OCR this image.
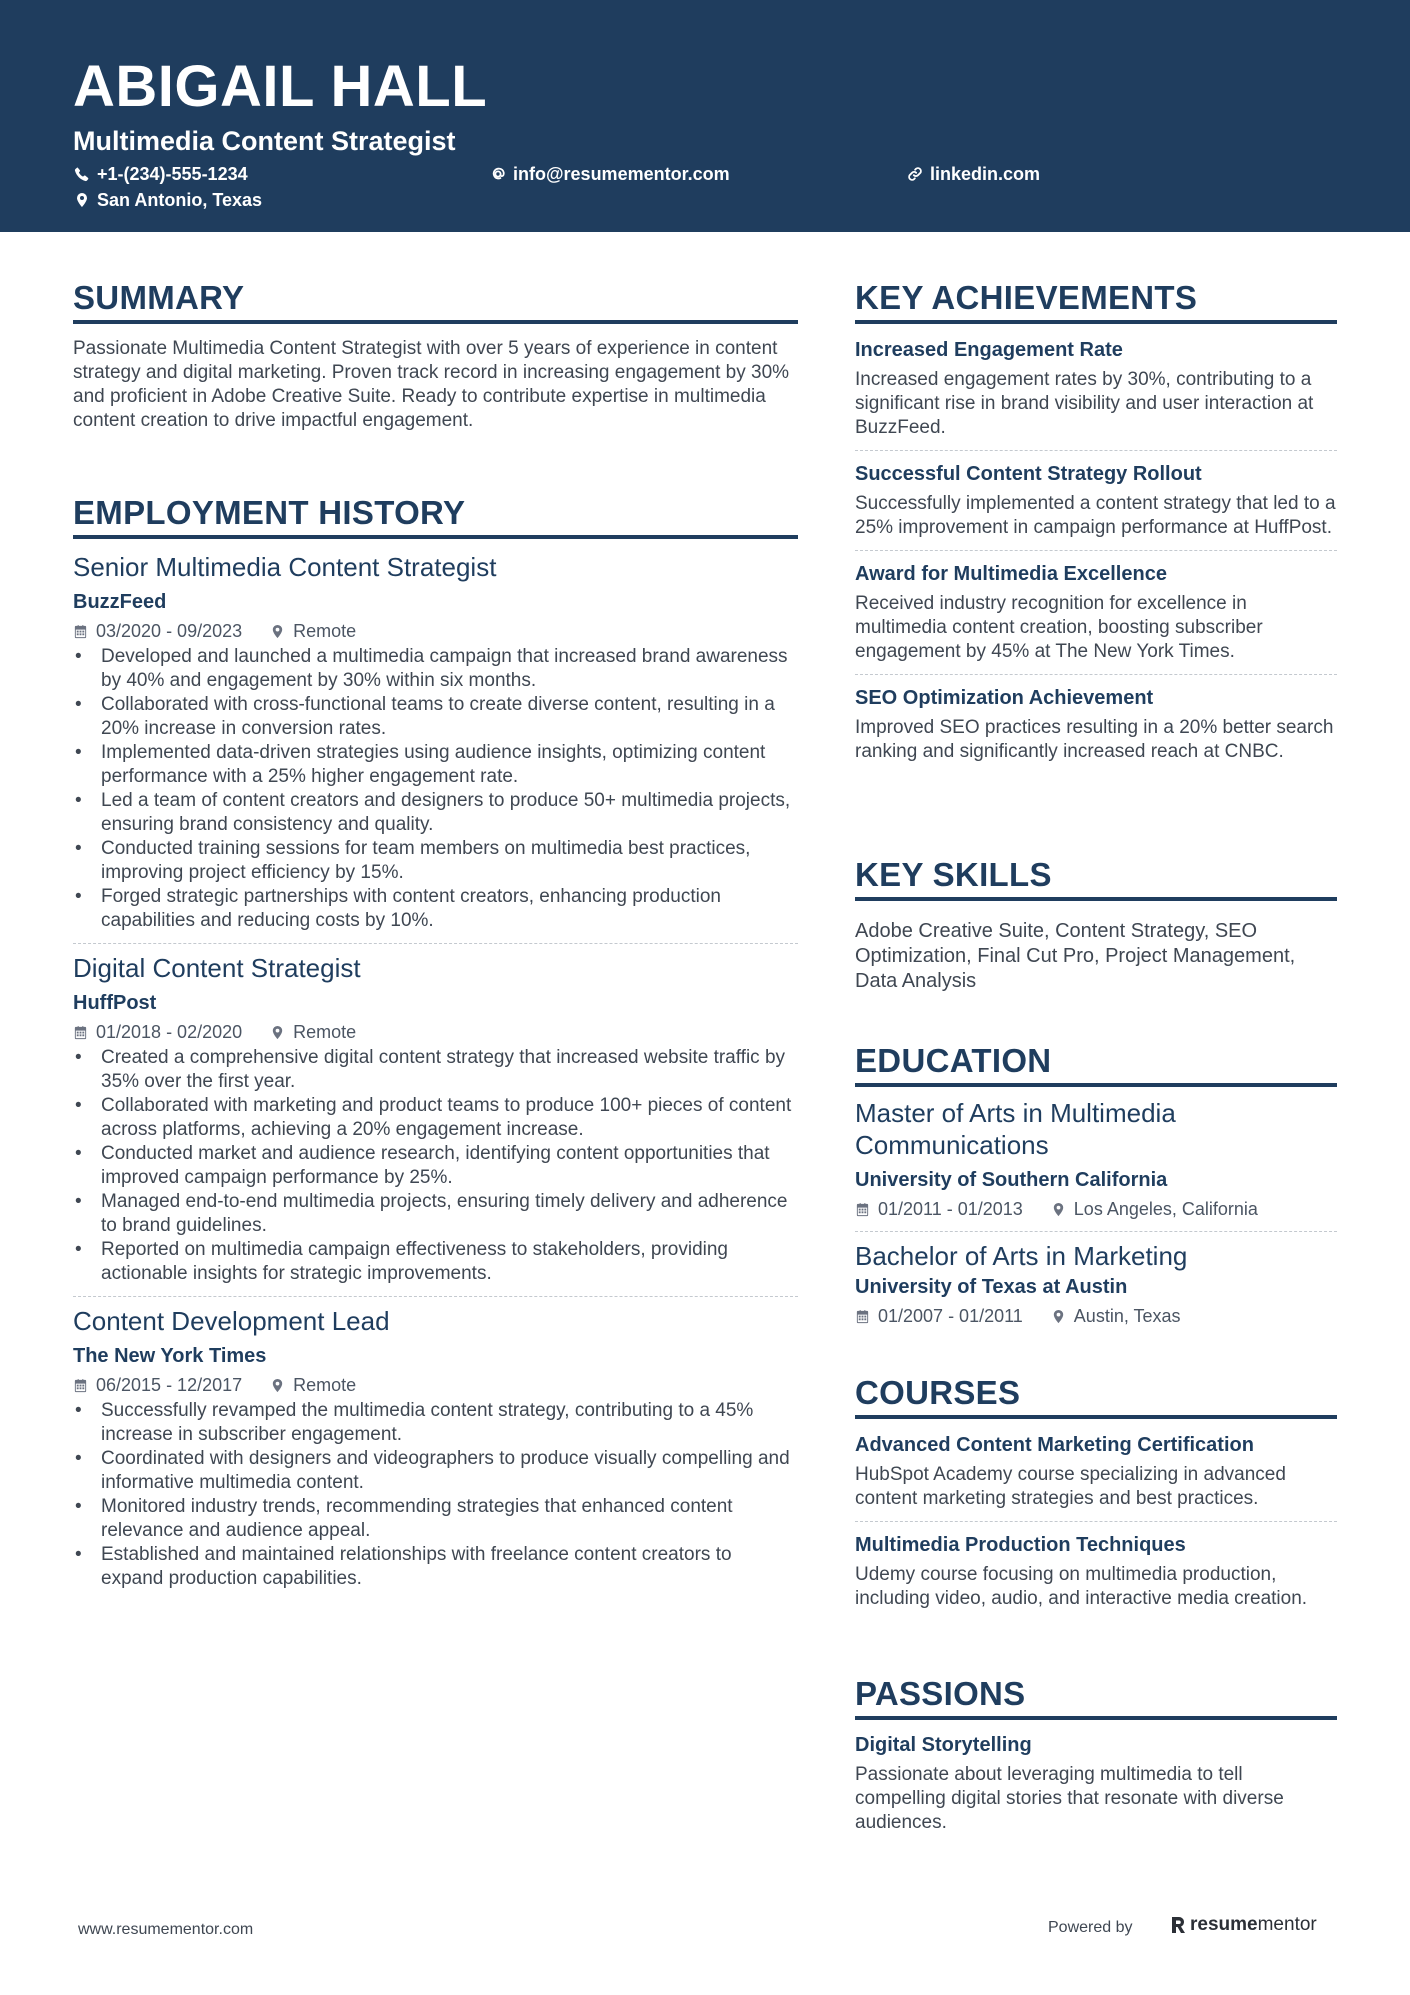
ABIGAIL HALL
Multimedia Content Strategist
+1-(234)-555-1234	info@resumementor.com	linkedin.com
San Antonio, Texas
SUMMARY
Passionate Multimedia Content Strategist with over 5 years of experience in content strategy and digital marketing. Proven track record in increasing engagement by 30% and proficient in Adobe Creative Suite. Ready to contribute expertise in multimedia content creation to drive impactful engagement.
EMPLOYMENT HISTORY
Senior Multimedia Content Strategist
BuzzFeed
03/2020 - 09/2023	Remote
• Developed and launched a multimedia campaign that increased brand awareness by 40% and engagement by 30% within six months.
• Collaborated with cross-functional teams to create diverse content, resulting in a 20% increase in conversion rates.
• Implemented data-driven strategies using audience insights, optimizing content performance with a 25% higher engagement rate.
• Led a team of content creators and designers to produce 50+ multimedia projects, ensuring brand consistency and quality.
• Conducted training sessions for team members on multimedia best practices, improving project efficiency by 15%.
• Forged strategic partnerships with content creators, enhancing production capabilities and reducing costs by 10%.
Digital Content Strategist
HuffPost
01/2018 - 02/2020	Remote
• Created a comprehensive digital content strategy that increased website traffic by 35% over the first year.
• Collaborated with marketing and product teams to produce 100+ pieces of content across platforms, achieving a 20% engagement increase.
• Conducted market and audience research, identifying content opportunities that improved campaign performance by 25%.
• Managed end-to-end multimedia projects, ensuring timely delivery and adherence to brand guidelines.
• Reported on multimedia campaign effectiveness to stakeholders, providing actionable insights for strategic improvements.
Content Development Lead
The New York Times
06/2015 - 12/2017	Remote
• Successfully revamped the multimedia content strategy, contributing to a 45% increase in subscriber engagement.
• Coordinated with designers and videographers to produce visually compelling and informative multimedia content.
• Monitored industry trends, recommending strategies that enhanced content relevance and audience appeal.
• Established and maintained relationships with freelance content creators to expand production capabilities.
KEY ACHIEVEMENTS
Increased Engagement Rate
Increased engagement rates by 30%, contributing to a significant rise in brand visibility and user interaction at BuzzFeed.
Successful Content Strategy Rollout
Successfully implemented a content strategy that led to a 25% improvement in campaign performance at HuffPost.
Award for Multimedia Excellence
Received industry recognition for excellence in multimedia content creation, boosting subscriber engagement by 45% at The New York Times.
SEO Optimization Achievement
Improved SEO practices resulting in a 20% better search ranking and significantly increased reach at CNBC.
KEY SKILLS
Adobe Creative Suite, Content Strategy, SEO Optimization, Final Cut Pro, Project Management, Data Analysis
EDUCATION
Master of Arts in Multimedia Communications
University of Southern California
01/2011 - 01/2013	Los Angeles, California
Bachelor of Arts in Marketing
University of Texas at Austin
01/2007 - 01/2011	Austin, Texas
COURSES
Advanced Content Marketing Certification
HubSpot Academy course specializing in advanced content marketing strategies and best practices.
Multimedia Production Techniques
Udemy course focusing on multimedia production, including video, audio, and interactive media creation.
PASSIONS
Digital Storytelling
Passionate about leveraging multimedia to tell compelling digital stories that resonate with diverse audiences.
www.resumementor.com	Powered by	resume mentor
